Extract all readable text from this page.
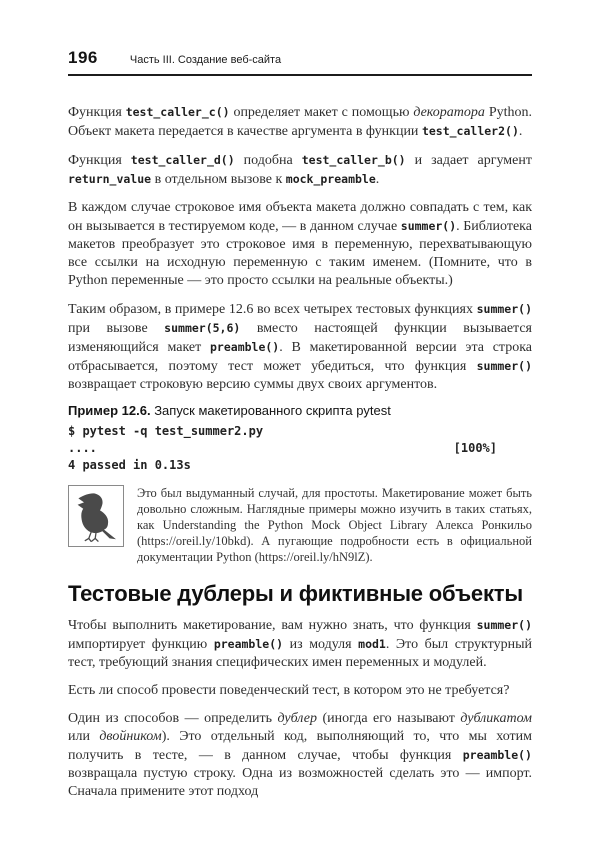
196	Часть III. Создание веб-сайта

Функция test_caller_c() определяет макет с помощью декоратора Python. Объект макета передается в качестве аргумента в функции test_caller2().

Функция test_caller_d() подобна test_caller_b() и задает аргумент return_value в отдельном вызове к mock_preamble.

В каждом случае строковое имя объекта макета должно совпадать с тем, как он вызывается в тестируемом коде, — в данном случае summer(). Библиотека макетов преобразует это строковое имя в переменную, перехватывающую все ссылки на исходную переменную с таким именем. (Помните, что в Python переменные — это просто ссылки на реальные объекты.)

Таким образом, в примере 12.6 во всех четырех тестовых функциях summer() при вызове summer(5,6) вместо настоящей функции вызывается изменяющийся макет preamble(). В макетированной версии эта строка отбрасывается, поэтому тест может убедиться, что функция summer() возвращает строковую версию суммы двух своих аргументов.

Пример 12.6. Запуск макетированного скрипта pytest
$ pytest -q test_summer2.py
....	[100%]
4 passed in 0.13s
Это был выдуманный случай, для простоты. Макетирование может быть довольно сложным. Наглядные примеры можно изучить в таких статьях, как Understanding the Python Mock Object Library Алекса Ронкильо (https://oreil.ly/10bkd). А пугающие подробности есть в официальной документации Python (https://oreil.ly/hN9lZ).
Тестовые дублеры и фиктивные объекты

Чтобы выполнить макетирование, вам нужно знать, что функция summer() импортирует функцию preamble() из модуля mod1. Это был структурный тест, требующий знания специфических имен переменных и модулей.

Есть ли способ провести поведенческий тест, в котором это не требуется?

Один из способов — определить дублер (иногда его называют дубликатом или двойником). Это отдельный код, выполняющий то, что мы хотим получить в тесте, — в данном случае, чтобы функция preamble() возвращала пустую строку. Одна из возможностей сделать это — импорт. Сначала примените этот подход
